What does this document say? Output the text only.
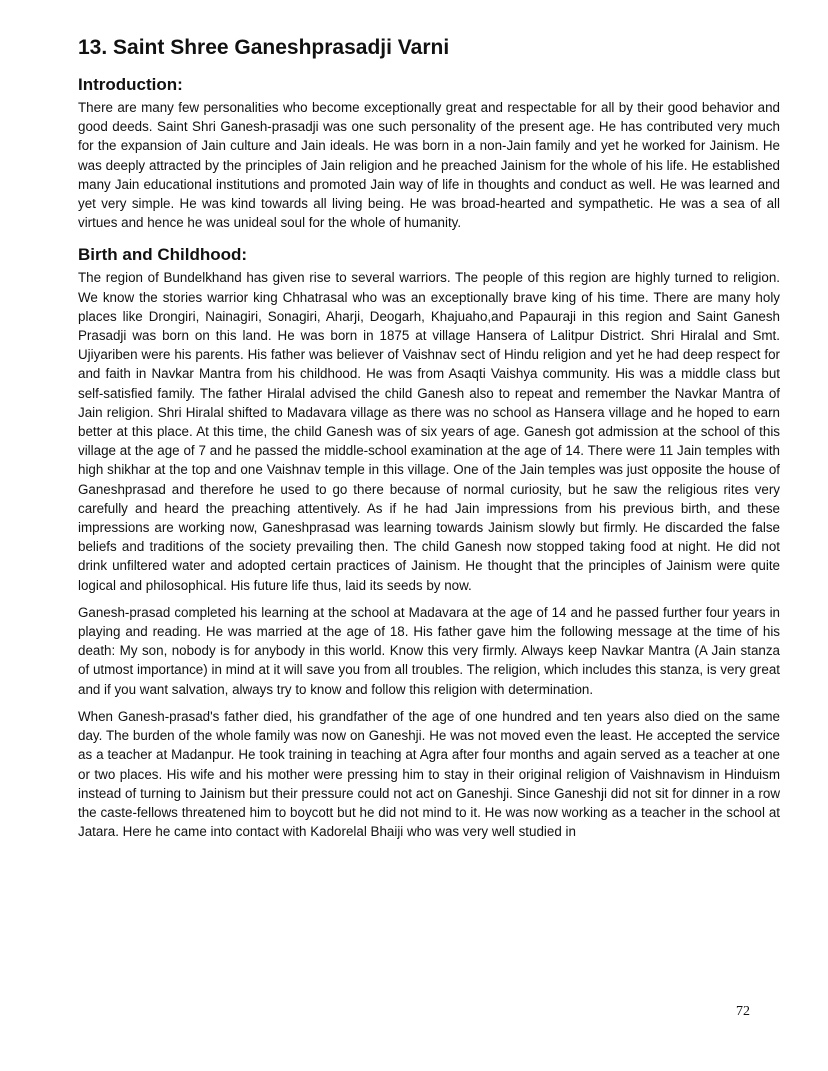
13. Saint Shree Ganeshprasadji Varni
Introduction:

There are many few personalities who become exceptionally great and respectable for all by their good behavior and good deeds. Saint Shri Ganesh-prasadji was one such personality of the present age. He has contributed very much for the expansion of Jain culture and Jain ideals. He was born in a non-Jain family and yet he worked for Jainism. He was deeply attracted by the principles of Jain religion and he preached Jainism for the whole of his life. He established many Jain educational institutions and promoted Jain way of life in thoughts and conduct as well. He was learned and yet very simple. He was kind towards all living being. He was broad-hearted and sympathetic. He was a sea of all virtues and hence he was unideal soul for the whole of humanity.

Birth and Childhood:

The region of Bundelkhand has given rise to several warriors. The people of this region are highly turned to religion. We know the stories warrior king Chhatrasal who was an exceptionally brave king of his time. There are many holy places like Drongiri, Nainagiri, Sonagiri, Aharji, Deogarh, Khajuaho,and Papauraji in this region and Saint Ganesh Prasadji was born on this land. He was born in 1875 at village Hansera of Lalitpur District. Shri Hiralal and Smt. Ujiyariben were his parents. His father was believer of Vaishnav sect of Hindu religion and yet he had deep respect for and faith in Navkar Mantra from his childhood. He was from Asaqti Vaishya community. His was a middle class but self-satisfied family. The father Hiralal advised the child Ganesh also to repeat and remember the Navkar Mantra of Jain religion. Shri Hiralal shifted to Madavara village as there was no school as Hansera village and he hoped to earn better at this place. At this time, the child Ganesh was of six years of age. Ganesh got admission at the school of this village at the age of 7 and he passed the middle-school examination at the age of 14. There were 11 Jain temples with high shikhar at the top and one Vaishnav temple in this village. One of the Jain temples was just opposite the house of Ganeshprasad and therefore he used to go there because of normal curiosity, but he saw the religious rites very carefully and heard the preaching attentively. As if he had Jain impressions from his previous birth, and these impressions are working now, Ganeshprasad was learning towards Jainism slowly but firmly. He discarded the false beliefs and traditions of the society prevailing then. The child Ganesh now stopped taking food at night. He did not drink unfiltered water and adopted certain practices of Jainism. He thought that the principles of Jainism were quite logical and philosophical. His future life thus, laid its seeds by now.

Ganesh-prasad completed his learning at the school at Madavara at the age of 14 and he passed further four years in playing and reading. He was married at the age of 18. His father gave him the following message at the time of his death: My son, nobody is for anybody in this world. Know this very firmly. Always keep Navkar Mantra (A Jain stanza of utmost importance) in mind at it will save you from all troubles. The religion, which includes this stanza, is very great and if you want salvation, always try to know and follow this religion with determination.

When Ganesh-prasad's father died, his grandfather of the age of one hundred and ten years also died on the same day. The burden of the whole family was now on Ganeshji. He was not moved even the least. He accepted the service as a teacher at Madanpur. He took training in teaching at Agra after four months and again served as a teacher at one or two places. His wife and his mother were pressing him to stay in their original religion of Vaishnavism in Hinduism instead of turning to Jainism but their pressure could not act on Ganeshji. Since Ganeshji did not sit for dinner in a row the caste-fellows threatened him to boycott but he did not mind to it. He was now working as a teacher in the school at Jatara. Here he came into contact with Kadorelal Bhaiji who was very well studied in

72
